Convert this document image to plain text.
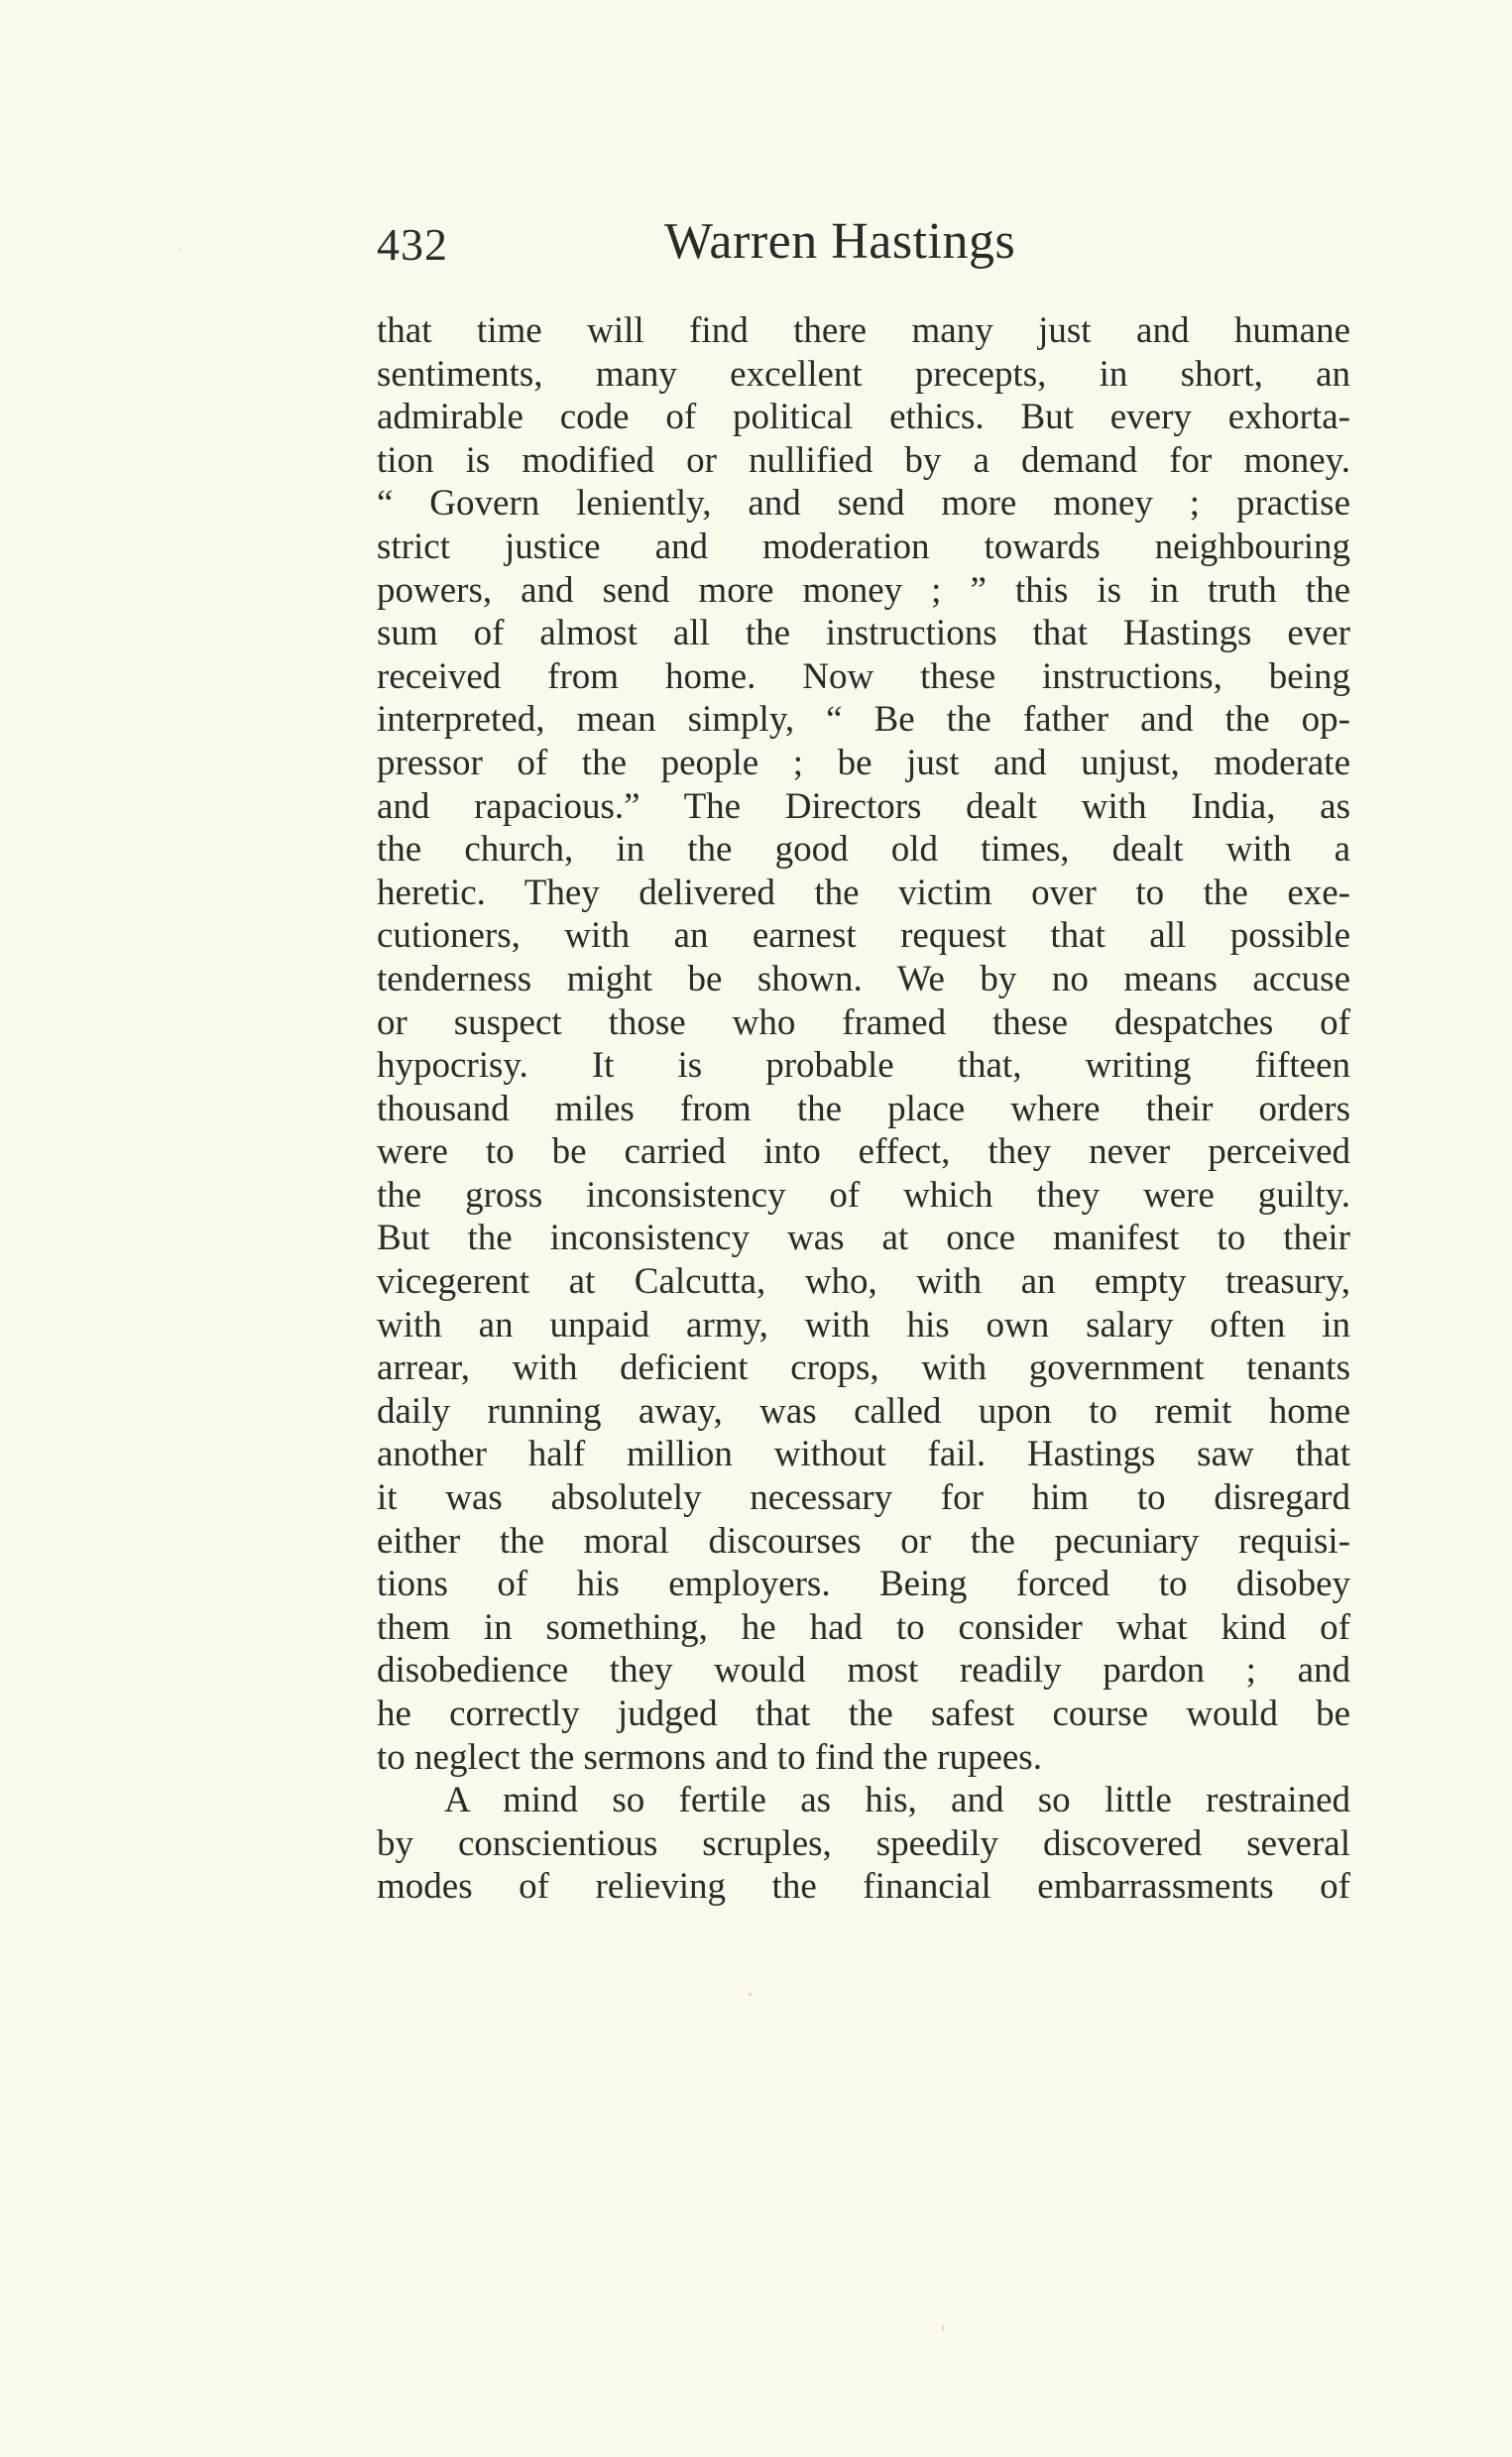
432	Warren Hastings
that time will find there many just and humane
sentiments, many excellent precepts, in short, an
admirable code of political ethics. But every exhorta-
tion is modified or nullified by a demand for money.
“ Govern leniently, and send more money ; practise
strict justice and moderation towards neighbouring
powers, and send more money ; ” this is in truth the
sum of almost all the instructions that Hastings ever
received from home. Now these instructions, being
interpreted, mean simply, “ Be the father and the op-
pressor of the people ; be just and unjust, moderate
and rapacious.” The Directors dealt with India, as
the church, in the good old times, dealt with a
heretic. They delivered the victim over to the exe-
cutioners, with an earnest request that all possible
tenderness might be shown. We by no means accuse
or suspect those who framed these despatches of
hypocrisy. It is probable that, writing fifteen
thousand miles from the place where their orders
were to be carried into effect, they never perceived
the gross inconsistency of which they were guilty.
But the inconsistency was at once manifest to their
vicegerent at Calcutta, who, with an empty treasury,
with an unpaid army, with his own salary often in
arrear, with deficient crops, with government tenants
daily running away, was called upon to remit home
another half million without fail. Hastings saw that
it was absolutely necessary for him to disregard
either the moral discourses or the pecuniary requisi-
tions of his employers. Being forced to disobey
them in something, he had to consider what kind of
disobedience they would most readily pardon ; and
he correctly judged that the safest course would be
to neglect the sermons and to find the rupees.
A mind so fertile as his, and so little restrained
by conscientious scruples, speedily discovered several
modes of relieving the financial embarrassments of
